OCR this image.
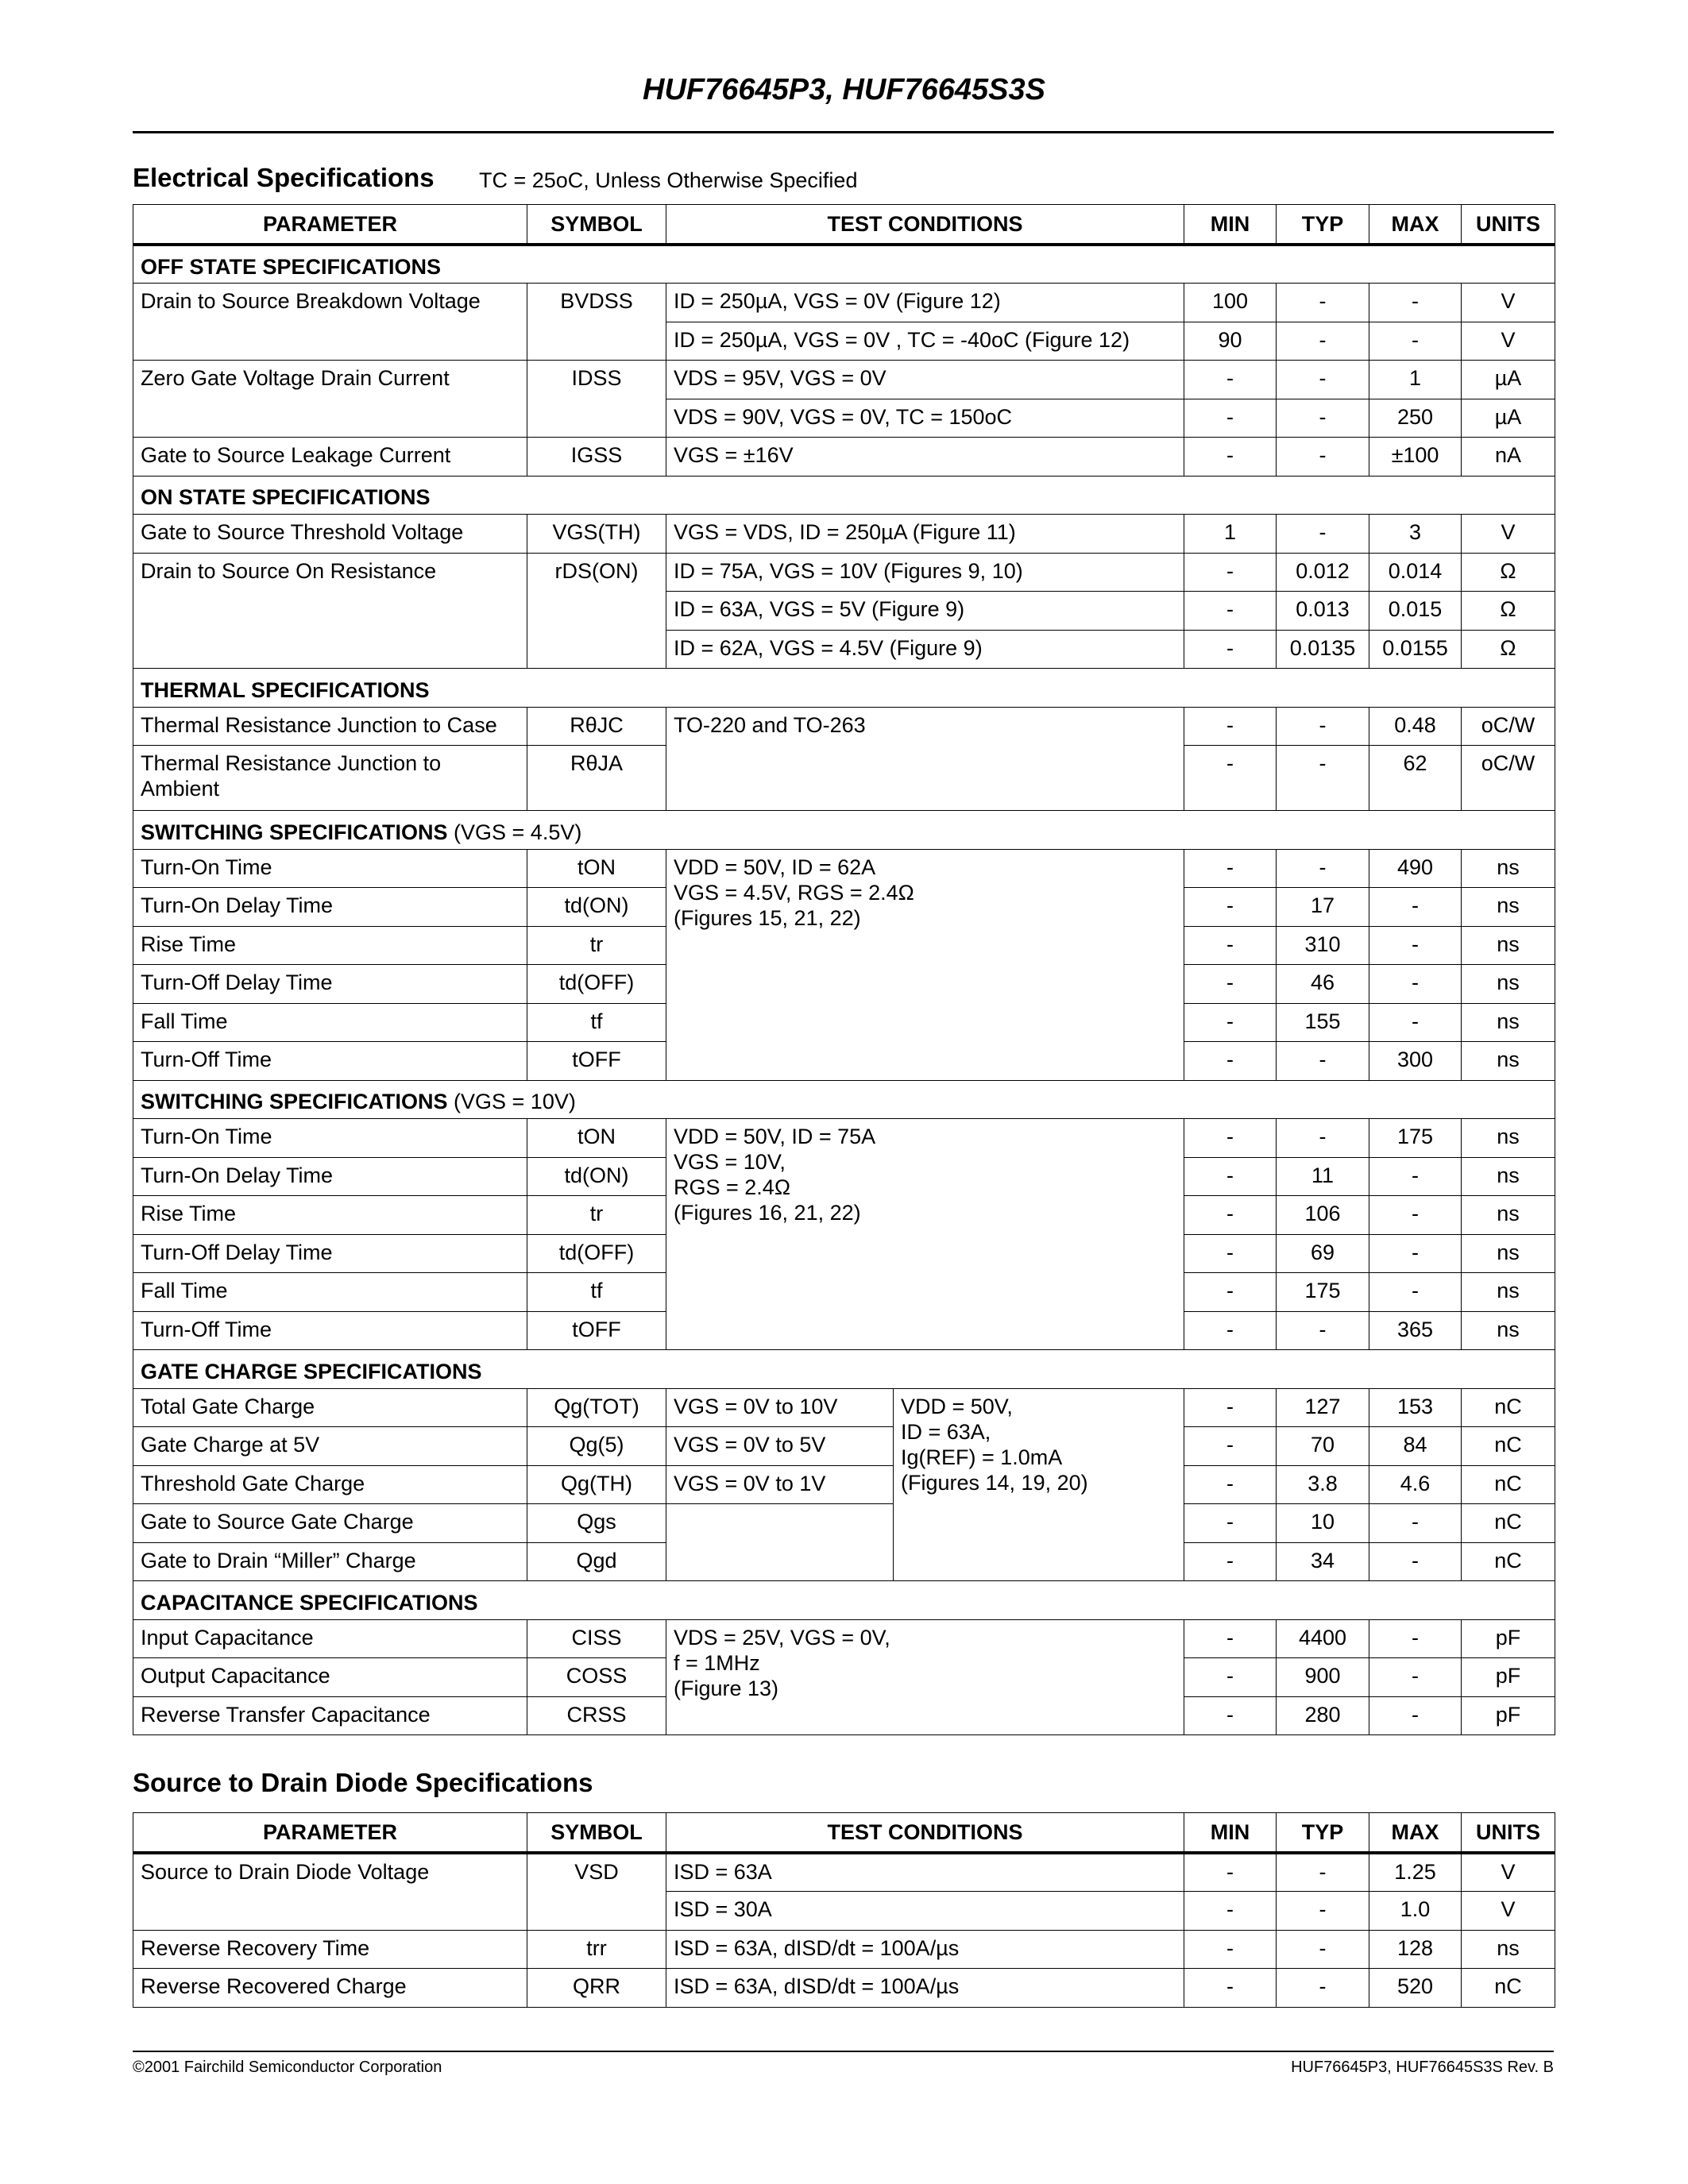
HUF76645P3, HUF76645S3S
Electrical Specifications TC = 25oC, Unless Otherwise Specified
PARAMETER	SYMBOL	TEST CONDITIONS		MIN	TYP	MAX	UNITS
OFF STATE SPECIFICATIONS							
Drain to Source Breakdown Voltage	BVDSS	ID = 250µA, VGS = 0V (Figure 12)		100	-	-	V
		ID = 250µA, VGS = 0V , TC = -40oC (Figure 12)		90	-	-	V
Zero Gate Voltage Drain Current	IDSS	VDS = 95V, VGS = 0V		-	-	1	µA
		VDS = 90V, VGS = 0V, TC = 150oC		-	-	250	µA
Gate to Source Leakage Current	IGSS	VGS = ±16V		-	-	±100	nA
ON STATE SPECIFICATIONS							
Gate to Source Threshold Voltage	VGS(TH)	VGS = VDS, ID = 250µA (Figure 11)		1	-	3	V
Drain to Source On Resistance	rDS(ON)	ID = 75A, VGS = 10V (Figures 9, 10)		-	0.012	0.014	Ω
		ID = 63A, VGS = 5V (Figure 9)		-	0.013	0.015	Ω
		ID = 62A, VGS = 4.5V (Figure 9)		-	0.0135	0.0155	Ω
THERMAL SPECIFICATIONS							
Thermal Resistance Junction to Case	RθJC	TO-220 and TO-263		-	-	0.48	oC/W
Thermal Resistance Junction to Ambient	RθJA			-	-	62	oC/W
SWITCHING SPECIFICATIONS (VGS = 4.5V)							
Turn-On Time	tON	VDD = 50V, ID = 62A
VGS = 4.5V, RGS = 2.4Ω
(Figures 15, 21, 22)		-	-	490	ns
Turn-On Delay Time	td(ON)			-	17	-	ns
Rise Time	tr			-	310	-	ns
Turn-Off Delay Time	td(OFF)			-	46	-	ns
Fall Time	tf			-	155	-	ns
Turn-Off Time	tOFF			-	-	300	ns
SWITCHING SPECIFICATIONS (VGS = 10V)							
Turn-On Time	tON	VDD = 50V, ID = 75A
VGS = 10V,
RGS = 2.4Ω
(Figures 16, 21, 22)		-	-	175	ns
Turn-On Delay Time	td(ON)			-	11	-	ns
Rise Time	tr			-	106	-	ns
Turn-Off Delay Time	td(OFF)			-	69	-	ns
Fall Time	tf			-	175	-	ns
Turn-Off Time	tOFF			-	-	365	ns
GATE CHARGE SPECIFICATIONS							
Total Gate Charge	Qg(TOT)	VGS = 0V to 10V	VDD = 50V,
ID = 63A,
Ig(REF) = 1.0mA
(Figures 14, 19, 20)	-	127	153	nC
Gate Charge at 5V	Qg(5)	VGS = 0V to 5V		-	70	84	nC
Threshold Gate Charge	Qg(TH)	VGS = 0V to 1V		-	3.8	4.6	nC
Gate to Source Gate Charge	Qgs			-	10	-	nC
Gate to Drain “Miller” Charge	Qgd			-	34	-	nC
CAPACITANCE SPECIFICATIONS							
Input Capacitance	CISS	VDS = 25V, VGS = 0V,
f = 1MHz
(Figure 13)		-	4400	-	pF
Output Capacitance	COSS			-	900	-	pF
Reverse Transfer Capacitance	CRSS			-	280	-	pF
Source to Drain Diode Specifications
PARAMETER	SYMBOL	TEST CONDITIONS	MIN	TYP	MAX	UNITS
Source to Drain Diode Voltage	VSD	ISD = 63A	-	-	1.25	V
		ISD = 30A	-	-	1.0	V
Reverse Recovery Time	trr	ISD = 63A, dISD/dt = 100A/µs	-	-	128	ns
Reverse Recovered Charge	QRR	ISD = 63A, dISD/dt = 100A/µs	-	-	520	nC
©2001 Fairchild Semiconductor Corporation	HUF76645P3, HUF76645S3S Rev. B
